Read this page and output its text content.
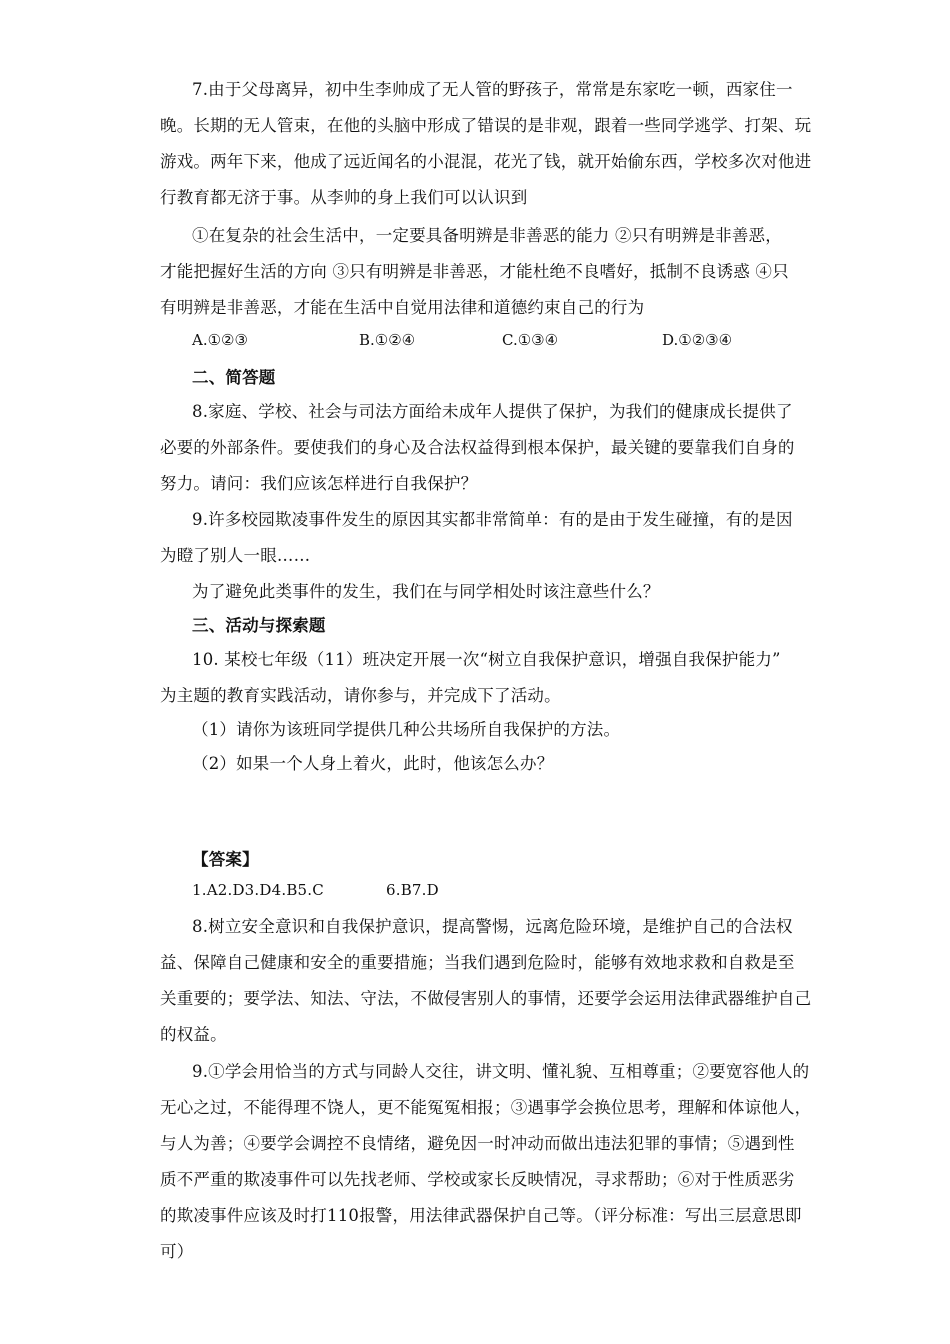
7.由于父母离异，初中生李帅成了无人管的野孩子，常常是东家吃一顿，西家住一
晚。长期的无人管束，在他的头脑中形成了错误的是非观，跟着一些同学逃学、打架、玩
游戏。两年下来，他成了远近闻名的小混混，花光了钱，就开始偷东西，学校多次对他进
行教育都无济于事。从李帅的身上我们可以认识到
①在复杂的社会生活中，一定要具备明辨是非善恶的能力 ②只有明辨是非善恶，
才能把握好生活的方向 ③只有明辨是非善恶，才能杜绝不良嗜好，抵制不良诱惑 ④只
有明辨是非善恶，才能在生活中自觉用法律和道德约束自己的行为
A.①②③	B.①②④	C.①③④	D.①②③④
二、简答题
8.家庭、学校、社会与司法方面给未成年人提供了保护，为我们的健康成长提供了
必要的外部条件。要使我们的身心及合法权益得到根本保护，最关键的要靠我们自身的
努力。请问：我们应该怎样进行自我保护？
9.许多校园欺凌事件发生的原因其实都非常简单：有的是由于发生碰撞，有的是因
为瞪了别人一眼……
为了避免此类事件的发生，我们在与同学相处时该注意些什么？
三、活动与探索题
10. 某校七年级（11）班决定开展一次“树立自我保护意识，增强自我保护能力”
为主题的教育实践活动，请你参与，并完成下了活动。
（1）请你为该班同学提供几种公共场所自我保护的方法。
（2）如果一个人身上着火，此时，他该怎么办？
【答案】
1.A2.D3.D4.B5.C	6.B7.D
8.树立安全意识和自我保护意识，提高警惕，远离危险环境，是维护自己的合法权
益、保障自己健康和安全的重要措施；当我们遇到危险时，能够有效地求救和自救是至
关重要的；要学法、知法、守法，不做侵害别人的事情，还要学会运用法律武器维护自己
的权益。
9.①学会用恰当的方式与同龄人交往，讲文明、懂礼貌、互相尊重；②要宽容他人的
无心之过，不能得理不饶人，更不能冤冤相报；③遇事学会换位思考，理解和体谅他人，
与人为善；④要学会调控不良情绪，避免因一时冲动而做出违法犯罪的事情；⑤遇到性
质不严重的欺凌事件可以先找老师、学校或家长反映情况，寻求帮助；⑥对于性质恶劣
的欺凌事件应该及时打110报警，用法律武器保护自己等。（评分标准：写出三层意思即
可）
